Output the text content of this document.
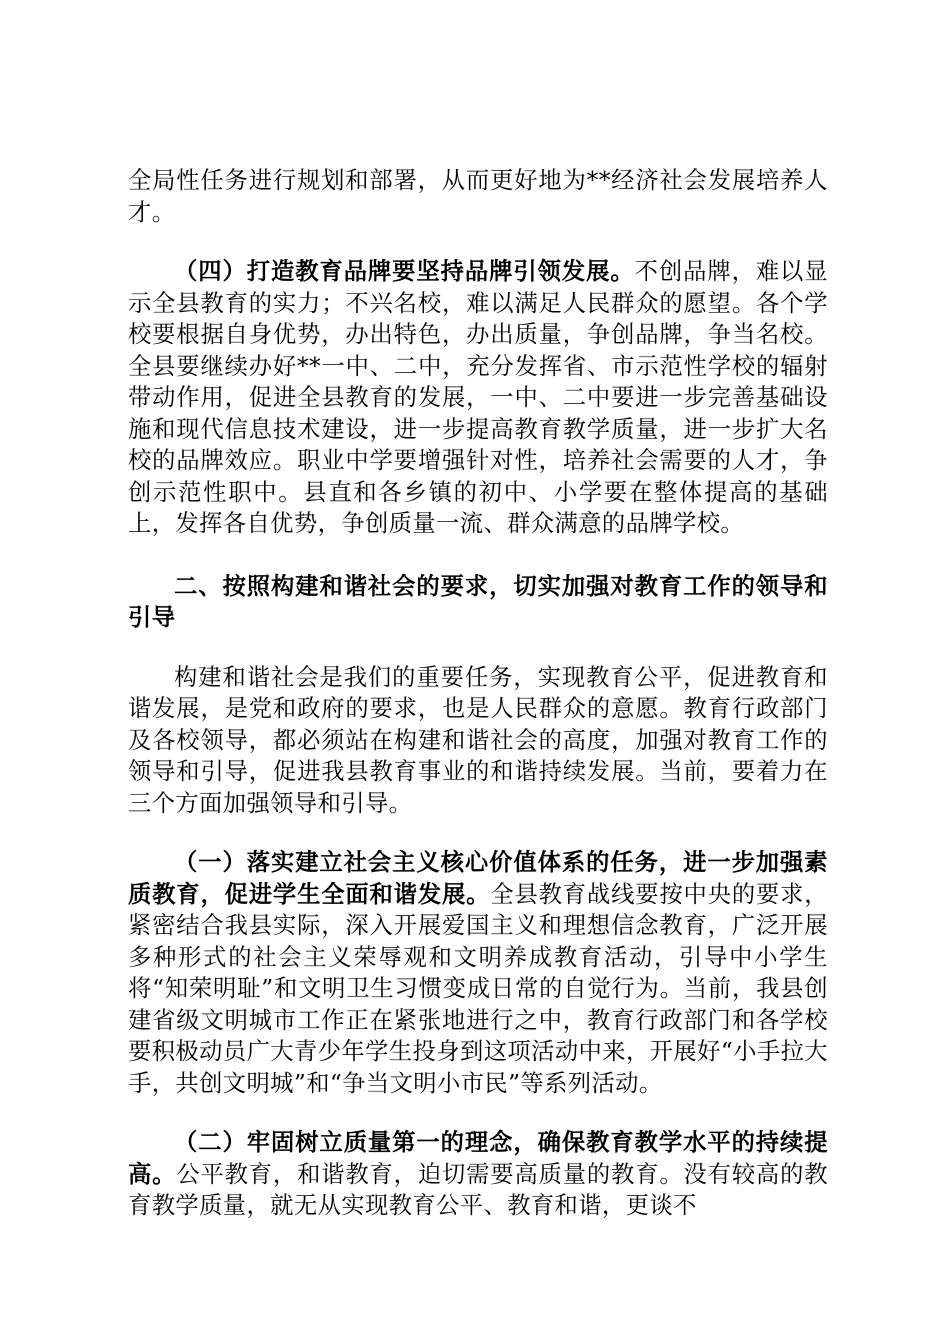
全局性任务进行规划和部署，从而更好地为**经济社会发展培养人才。

（四）打造教育品牌要坚持品牌引领发展。不创品牌，难以显示全县教育的实力；不兴名校，难以满足人民群众的愿望。各个学校要根据自身优势，办出特色，办出质量，争创品牌，争当名校。全县要继续办好**一中、二中，充分发挥省、市示范性学校的辐射带动作用，促进全县教育的发展，一中、二中要进一步完善基础设施和现代信息技术建设，进一步提高教育教学质量，进一步扩大名校的品牌效应。职业中学要增强针对性，培养社会需要的人才，争创示范性职中。县直和各乡镇的初中、小学要在整体提高的基础上，发挥各自优势，争创质量一流、群众满意的品牌学校。

二、按照构建和谐社会的要求，切实加强对教育工作的领导和引导

构建和谐社会是我们的重要任务，实现教育公平，促进教育和谐发展，是党和政府的要求，也是人民群众的意愿。教育行政部门及各校领导，都必须站在构建和谐社会的高度，加强对教育工作的领导和引导，促进我县教育事业的和谐持续发展。当前，要着力在三个方面加强领导和引导。

（一）落实建立社会主义核心价值体系的任务，进一步加强素质教育，促进学生全面和谐发展。全县教育战线要按中央的要求，紧密结合我县实际，深入开展爱国主义和理想信念教育，广泛开展多种形式的社会主义荣辱观和文明养成教育活动，引导中小学生将“知荣明耻”和文明卫生习惯变成日常的自觉行为。当前，我县创建省级文明城市工作正在紧张地进行之中，教育行政部门和各学校要积极动员广大青少年学生投身到这项活动中来，开展好“小手拉大手，共创文明城”和“争当文明小市民”等系列活动。

（二）牢固树立质量第一的理念，确保教育教学水平的持续提高。公平教育，和谐教育，迫切需要高质量的教育。没有较高的教育教学质量，就无从实现教育公平、教育和谐，更谈不
